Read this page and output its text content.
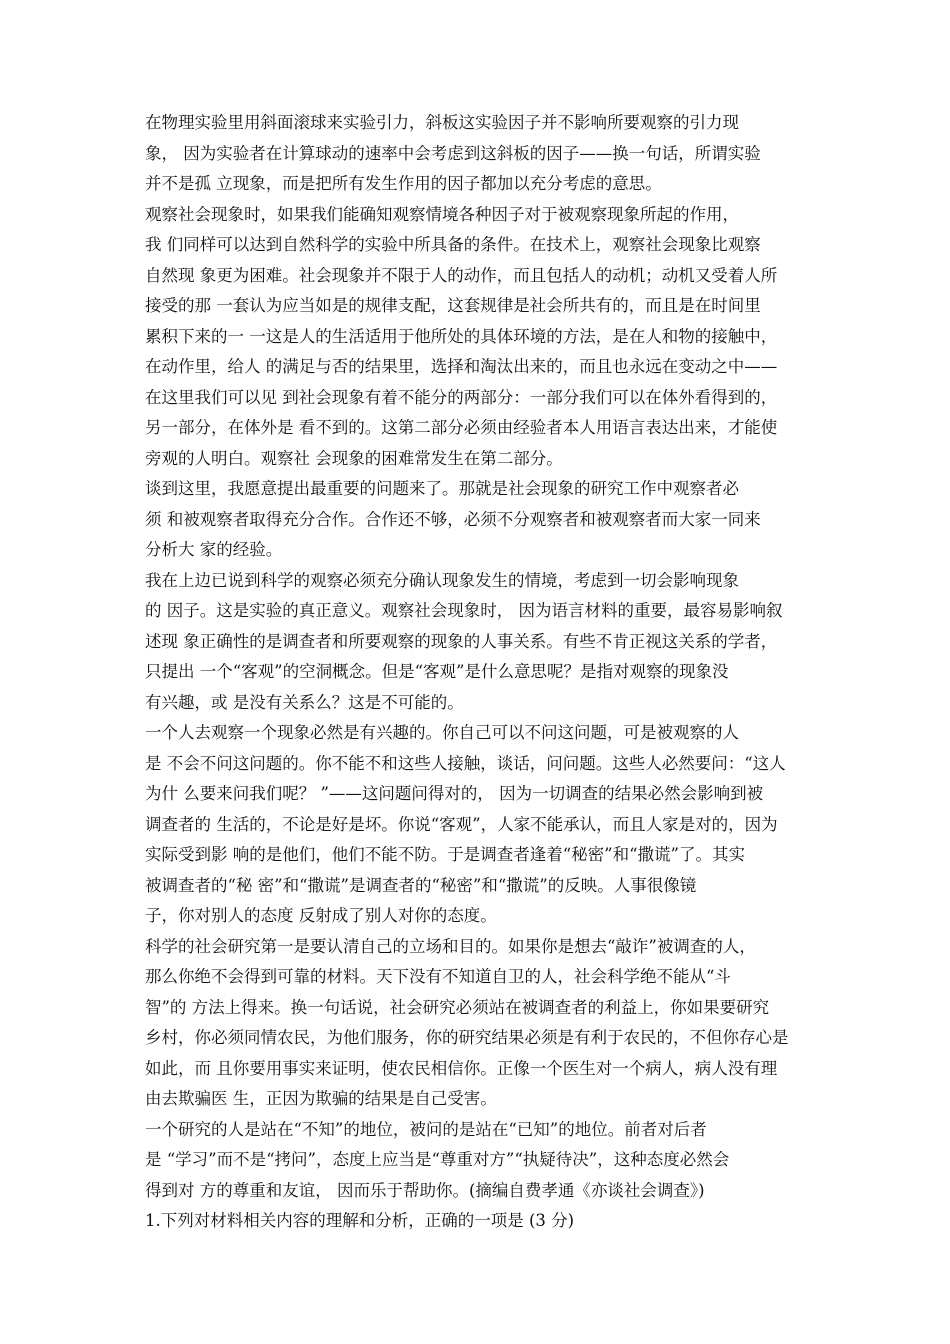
在物理实验里用斜面滚球来实验引力，斜板这实验因子并不影响所要观察的引力现
象， 因为实验者在计算球动的速率中会考虑到这斜板的因子——换一句话，所谓实验
并不是孤 立现象，而是把所有发生作用的因子都加以充分考虑的意思。
观察社会现象时，如果我们能确知观察情境各种因子对于被观察现象所起的作用，
我 们同样可以达到自然科学的实验中所具备的条件。在技术上，观察社会现象比观察
自然现 象更为困难。社会现象并不限于人的动作，而且包括人的动机；动机又受着人所
接受的那 一套认为应当如是的规律支配，这套规律是社会所共有的，而且是在时间里
累积下来的一 一这是人的生活适用于他所处的具体环境的方法，是在人和物的接触中，
在动作里，给人 的满足与否的结果里，选择和淘汰出来的，而且也永远在变动之中——
在这里我们可以见 到社会现象有着不能分的两部分：一部分我们可以在体外看得到的，
另一部分，在体外是 看不到的。这第二部分必须由经验者本人用语言表达出来，才能使
旁观的人明白。观察社 会现象的困难常发生在第二部分。
谈到这里，我愿意提出最重要的问题来了。那就是社会现象的研究工作中观察者必
须 和被观察者取得充分合作。合作还不够，必须不分观察者和被观察者而大家一同来
分析大 家的经验。
我在上边已说到科学的观察必须充分确认现象发生的情境，考虑到一切会影响现象
的 因子。这是实验的真正意义。观察社会现象时， 因为语言材料的重要，最容易影响叙
述现 象正确性的是调查者和所要观察的现象的人事关系。有些不肯正视这关系的学者，
只提出 一个“客观”的空洞概念。但是“客观”是什么意思呢？是指对观察的现象没
有兴趣，或 是没有关系么？这是不可能的。
一个人去观察一个现象必然是有兴趣的。你自己可以不问这问题，可是被观察的人
是 不会不问这问题的。你不能不和这些人接触，谈话，问问题。这些人必然要问：“这人
为什 么要来问我们呢？ ”——这问题问得对的， 因为一切调查的结果必然会影响到被
调查者的 生活的，不论是好是坏。你说“客观”，人家不能承认，而且人家是对的，因为
实际受到影 响的是他们，他们不能不防。于是调查者逢着“秘密”和“撒谎”了。其实
被调查者的“秘 密”和“撒谎”是调查者的“秘密”和“撒谎”的反映。人事很像镜
子，你对别人的态度 反射成了别人对你的态度。
科学的社会研究第一是要认清自己的立场和目的。如果你是想去“敲诈”被调查的人，
那么你绝不会得到可靠的材料。天下没有不知道自卫的人，社会科学绝不能从“斗
智”的 方法上得来。换一句话说，社会研究必须站在被调查者的利益上，你如果要研究
乡村，你必须同情农民，为他们服务，你的研究结果必须是有利于农民的，不但你存心是
如此，而 且你要用事实来证明，使农民相信你。正像一个医生对一个病人，病人没有理
由去欺骗医 生，正因为欺骗的结果是自己受害。
一个研究的人是站在“不知”的地位，被问的是站在“已知”的地位。前者对后者
是 “学习”而不是“拷问”，态度上应当是“尊重对方”“执疑待决”，这种态度必然会
得到对 方的尊重和友谊， 因而乐于帮助你。(摘编自费孝通《亦谈社会调查》)
1.下列对材料相关内容的理解和分析，正确的一项是 (3 分)
